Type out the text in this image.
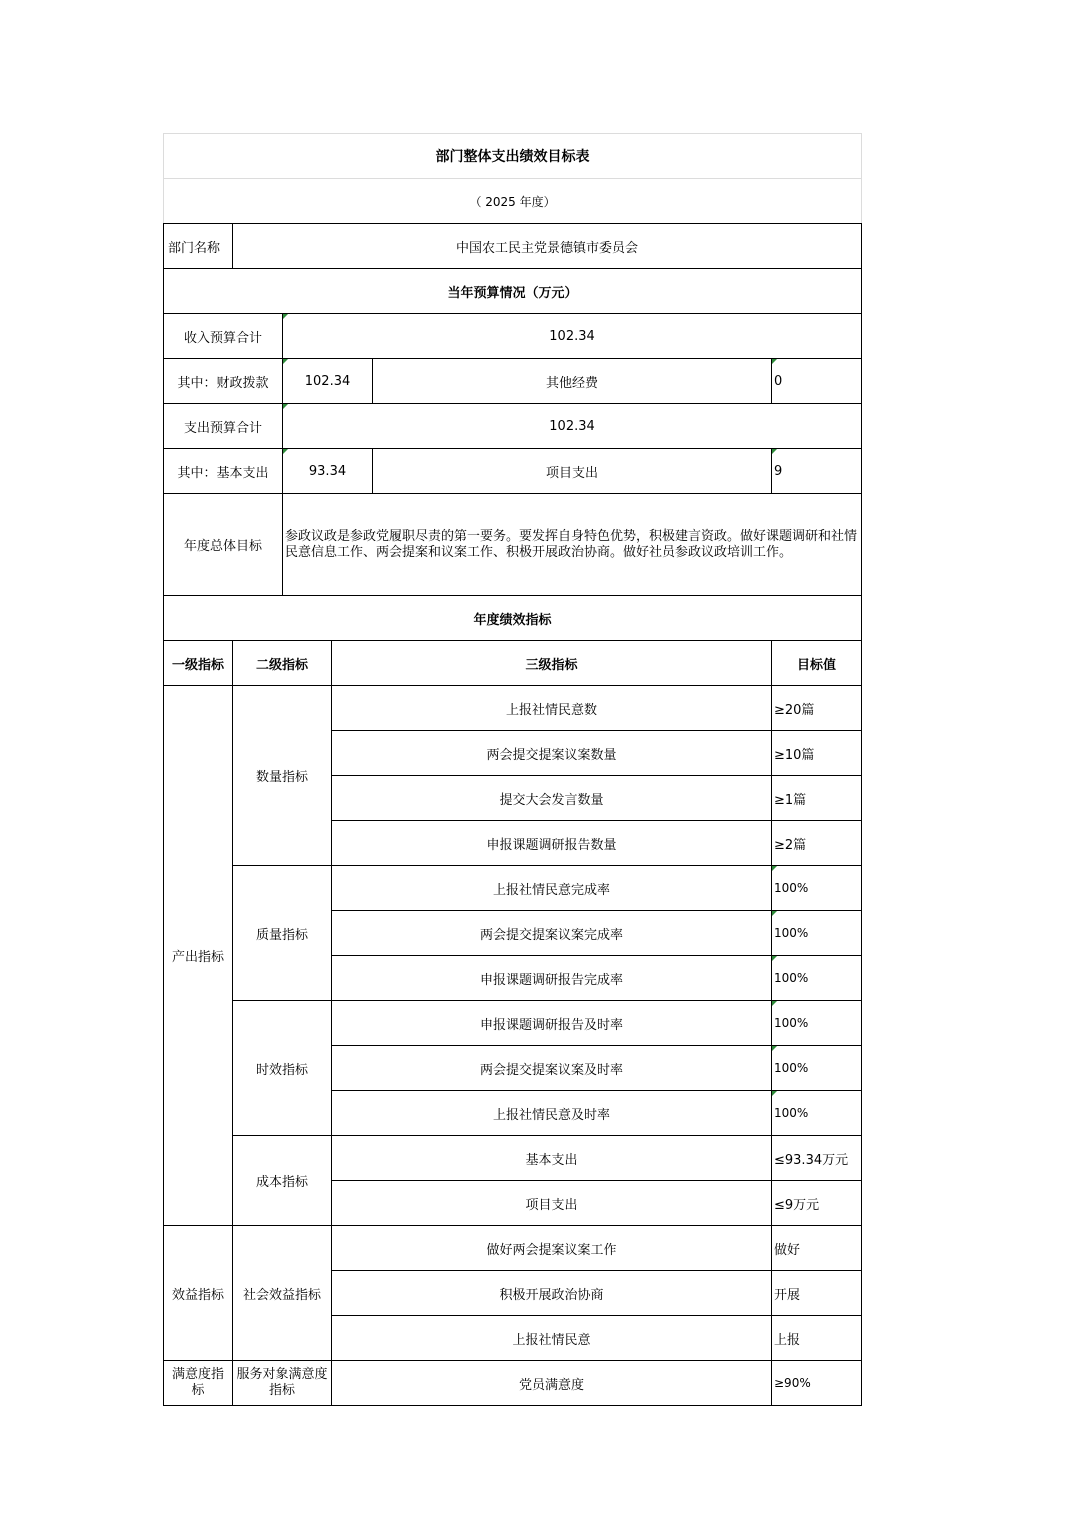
部门整体支出绩效目标表					
（ 2025 年度）					
部门名称	中国农工民主党景德镇市委员会				
当年预算情况（万元）					
收入预算合计		102.34			
其中：财政拨款		102.34		其他经费	0
支出预算合计		102.34			
其中：基本支出		93.34		项目支出	9
年度总体目标		参政议政是参政党履职尽责的第一要务。要发挥自身特色优势，积极建言资政。做好课题调研和社情民意信息工作、两会提案和议案工作、积极开展政治协商。做好社员参政议政培训工作。			
年度绩效指标					
一级指标	二级指标		三级指标		目标值
产出指标	数量指标		上报社情民意数		≥20篇
			两会提交提案议案数量		≥10篇
			提交大会发言数量		≥1篇
			申报课题调研报告数量		≥2篇
	质量指标		上报社情民意完成率		100%
			两会提交提案议案完成率		100%
			申报课题调研报告完成率		100%
	时效指标		申报课题调研报告及时率		100%
			两会提交提案议案及时率		100%
			上报社情民意及时率		100%
	成本指标		基本支出		≤93.34万元
			项目支出		≤9万元
效益指标	社会效益指标		做好两会提案议案工作		做好
			积极开展政治协商		开展
			上报社情民意		上报
满意度指标	服务对象满意度指标		党员满意度		≥90%
